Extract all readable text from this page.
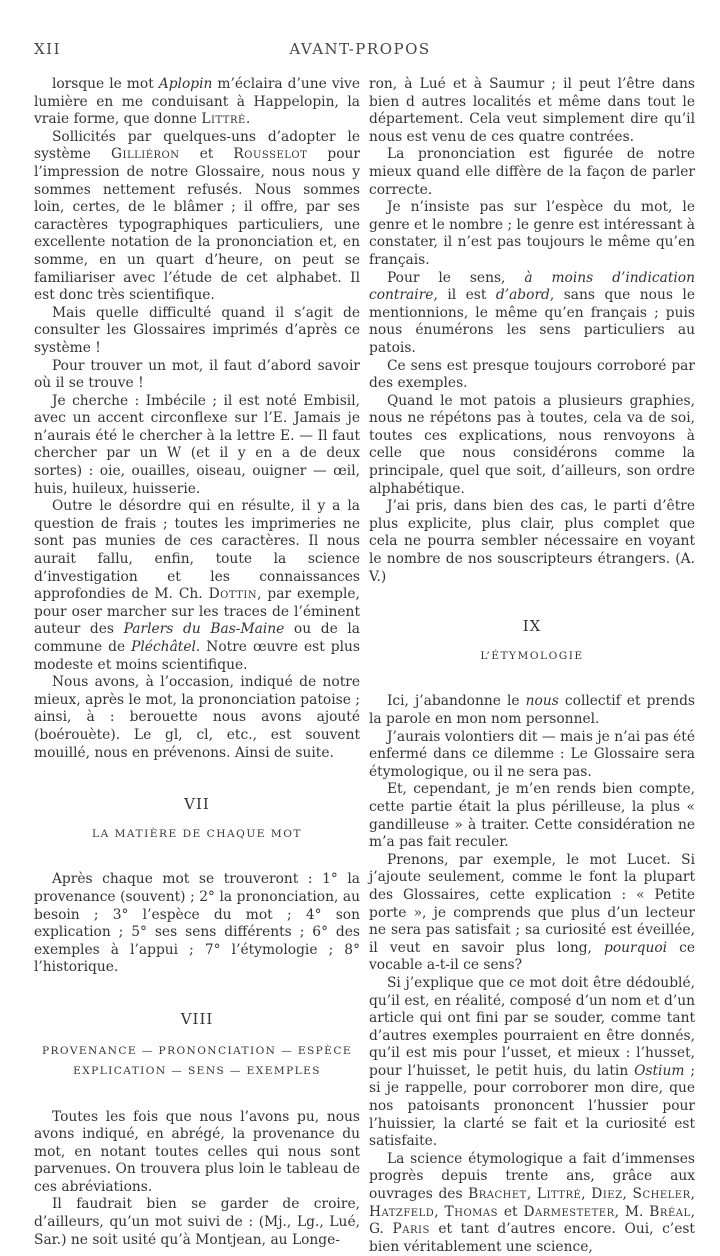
XII	AVANT-PROPOS

lorsque le mot Aplopin m’éclaira d’une vive lumière en me conduisant à Happelopin, la vraie forme, que donne Littré.

Sollicités par quelques-uns d’adopter le système Gilliéron et Rousselot pour l’impression de notre Glossaire, nous nous y sommes nettement refusés. Nous sommes loin, certes, de le blâmer ; il offre, par ses caractères typographiques particuliers, une excellente notation de la prononciation et, en somme, en un quart d’heure, on peut se familiariser avec l’étude de cet alphabet. Il est donc très scientifique.

Mais quelle difficulté quand il s’agit de consulter les Glossaires imprimés d’après ce système !

Pour trouver un mot, il faut d’abord savoir où il se trouve !

Je cherche : Imbécile ; il est noté Embisil, avec un accent circonflexe sur l’E. Jamais je n’aurais été le chercher à la lettre E. — Il faut chercher par un W (et il y en a de deux sortes) : oie, ouailles, oiseau, ouigner — œil, huis, huileux, huisserie.

Outre le désordre qui en résulte, il y a la question de frais ; toutes les imprimeries ne sont pas munies de ces caractères. Il nous aurait fallu, enfin, toute la science d’investigation et les connaissances approfondies de M. Ch. Dottin, par exemple, pour oser marcher sur les traces de l’éminent auteur des Parlers du Bas-Maine ou de la commune de Pléchâtel. Notre œuvre est plus modeste et moins scientifique.

Nous avons, à l’occasion, indiqué de notre mieux, après le mot, la prononciation patoise ; ainsi, à : berouette nous avons ajouté (boérouète). Le gl, cl, etc., est souvent mouillé, nous en prévenons. Ainsi de suite.

VII
LA MATIÈRE DE CHAQUE MOT

Après chaque mot se trouveront : 1° la provenance (souvent) ; 2° la prononciation, au besoin ; 3° l’espèce du mot ; 4° son explication ; 5° ses sens différents ; 6° des exemples à l’appui ; 7° l’étymologie ; 8° l’historique.

VIII
PROVENANCE — PRONONCIATION — ESPÈCE
EXPLICATION — SENS — EXEMPLES

Toutes les fois que nous l’avons pu, nous avons indiqué, en abrégé, la provenance du mot, en notant toutes celles qui nous sont parvenues. On trouvera plus loin le tableau de ces abréviations.

Il faudrait bien se garder de croire, d’ailleurs, qu’un mot suivi de : (Mj., Lg., Lué, Sar.) ne soit usité qu’à Montjean, au Longe-

ron, à Lué et à Saumur ; il peut l’être dans bien d autres localités et même dans tout le département. Cela veut simplement dire qu’il nous est venu de ces quatre contrées.

La prononciation est figurée de notre mieux quand elle diffère de la façon de parler correcte.

Je n’insiste pas sur l’espèce du mot, le genre et le nombre ; le genre est intéressant à constater, il n’est pas toujours le même qu’en français.

Pour le sens, à moins d’indication contraire, il est d’abord, sans que nous le mentionnions, le même qu’en français ; puis nous énumérons les sens particuliers au patois.

Ce sens est presque toujours corroboré par des exemples.

Quand le mot patois a plusieurs graphies, nous ne répétons pas à toutes, cela va de soi, toutes ces explications, nous renvoyons à celle que nous considérons comme la principale, quel que soit, d’ailleurs, son ordre alphabétique.

J’ai pris, dans bien des cas, le parti d’être plus explicite, plus clair, plus complet que cela ne pourra sembler nécessaire en voyant le nombre de nos souscripteurs étrangers. (A. V.)

IX
L’ÉTYMOLOGIE

Ici, j’abandonne le nous collectif et prends la parole en mon nom personnel.

J’aurais volontiers dit — mais je n’ai pas été enfermé dans ce dilemme : Le Glossaire sera étymologique, ou il ne sera pas.

Et, cependant, je m’en rends bien compte, cette partie était la plus périlleuse, la plus « gandilleuse » à traiter. Cette considération ne m’a pas fait reculer.

Prenons, par exemple, le mot Lucet. Si j’ajoute seulement, comme le font la plupart des Glossaires, cette explication : « Petite porte », je comprends que plus d’un lecteur ne sera pas satisfait ; sa curiosité est éveillée, il veut en savoir plus long, pourquoi ce vocable a-t-il ce sens?

Si j’explique que ce mot doit être dédoublé, qu’il est, en réalité, composé d’un nom et d’un article qui ont fini par se souder, comme tant d’autres exemples pourraient en être donnés, qu’il est mis pour l’usset, et mieux : l’husset, pour l’huisset, le petit huis, du latin Ostium ; si je rappelle, pour corroborer mon dire, que nos patoisants prononcent l’hussier pour l’huissier, la clarté se fait et la curiosité est satisfaite.

La science étymologique a fait d’immenses progrès depuis trente ans, grâce aux ouvrages des Brachet, Littré, Diez, Scheler, Hatzfeld, Thomas et Darmesteter, M. Bréal, G. Paris et tant d’autres encore. Oui, c’est bien véritablement une science,
